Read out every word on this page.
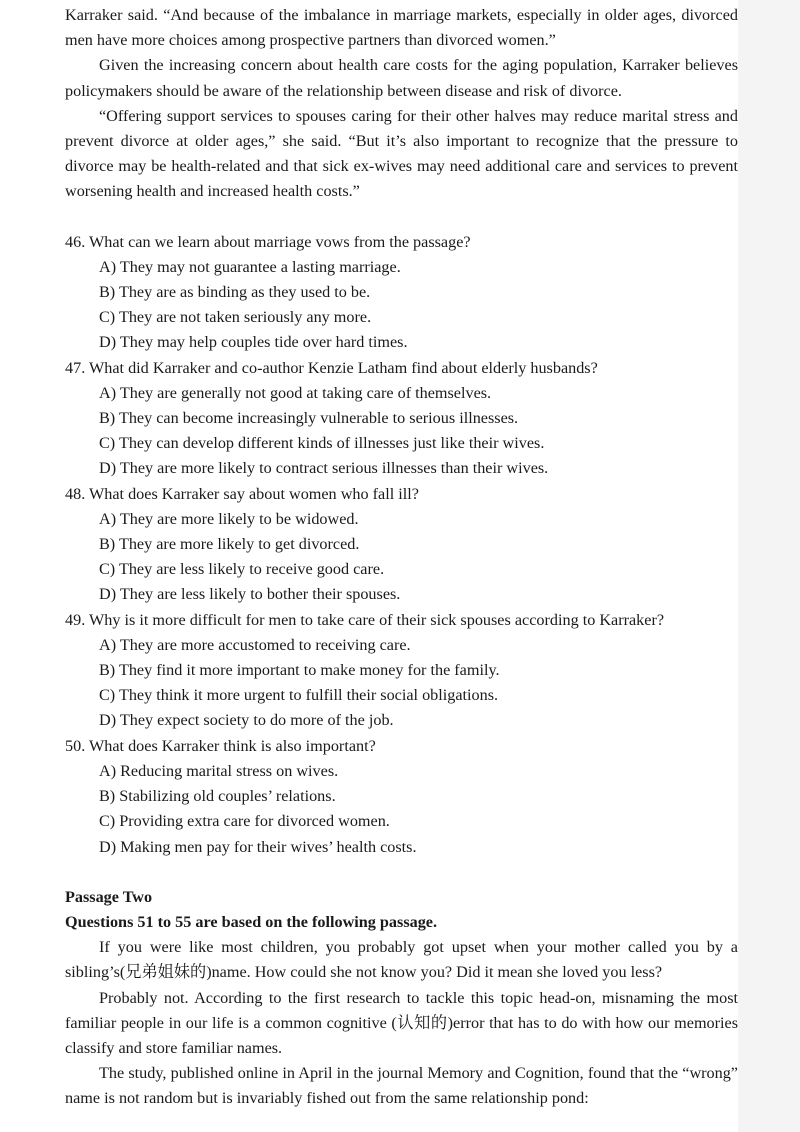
Karraker said. “And because of the imbalance in marriage markets, especially in older ages, divorced men have more choices among prospective partners than divorced women.”

Given the increasing concern about health care costs for the aging population, Karraker believes policymakers should be aware of the relationship between disease and risk of divorce.

“Offering support services to spouses caring for their other halves may reduce marital stress and prevent divorce at older ages,” she said. “But it’s also important to recognize that the pressure to divorce may be health-related and that sick ex-wives may need additional care and services to prevent worsening health and increased health costs.”

46. What can we learn about marriage vows from the passage?

A) They may not guarantee a lasting marriage.

B) They are as binding as they used to be.

C) They are not taken seriously any more.

D) They may help couples tide over hard times.

47. What did Karraker and co-author Kenzie Latham find about elderly husbands?

A) They are generally not good at taking care of themselves.

B) They can become increasingly vulnerable to serious illnesses.

C) They can develop different kinds of illnesses just like their wives.

D) They are more likely to contract serious illnesses than their wives.

48. What does Karraker say about women who fall ill?

A) They are more likely to be widowed.

B) They are more likely to get divorced.

C) They are less likely to receive good care.

D) They are less likely to bother their spouses.

49. Why is it more difficult for men to take care of their sick spouses according to Karraker?

A) They are more accustomed to receiving care.

B) They find it more important to make money for the family.

C) They think it more urgent to fulfill their social obligations.

D) They expect society to do more of the job.

50. What does Karraker think is also important?

A) Reducing marital stress on wives.

B) Stabilizing old couples’ relations.

C) Providing extra care for divorced women.

D) Making men pay for their wives’ health costs.

Passage Two

Questions 51 to 55 are based on the following passage.

If you were like most children, you probably got upset when your mother called you by a sibling’s(兄弟姐妹的)name. How could she not know you? Did it mean she loved you less?

Probably not. According to the first research to tackle this topic head-on, misnaming the most familiar people in our life is a common cognitive (认知的)error that has to do with how our memories classify and store familiar names.

The study, published online in April in the journal Memory and Cognition, found that the “wrong” name is not random but is invariably fished out from the same relationship pond:
